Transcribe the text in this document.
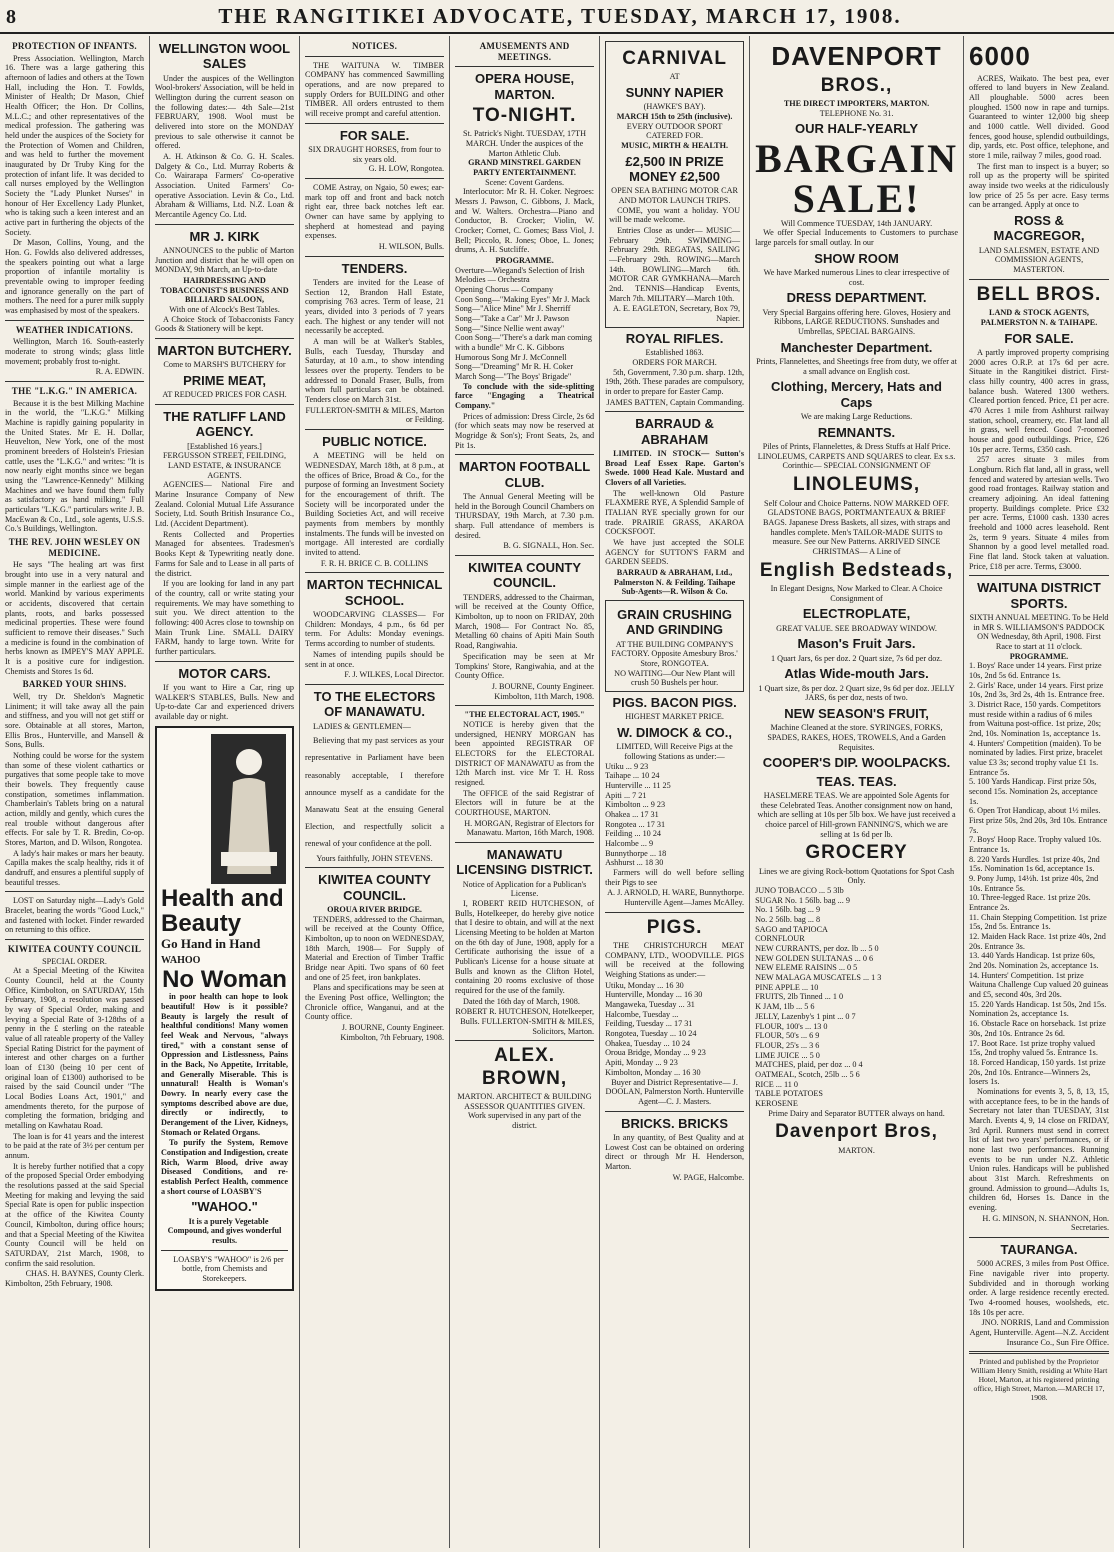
8	THE RANGITIKEI ADVOCATE, TUESDAY, MARCH 17, 1908.
PROTECTION OF INFANTS.

Press Association. Wellington, March 16. There was a large gathering this afternoon of ladies and others at the Town Hall, including the Hon. T. Fowlds, Minister of Health; Dr Mason, Chief Health Officer; the Hon. Dr Collins, M.L.C.; and other representatives of the medical profession. The gathering was held under the auspices of the Society for the Protection of Women and Children, and was held to further the movement inaugurated by Dr Truby King for the protection of infant life. It was decided to call nurses employed by the Wellington Society the "Lady Plunket Nurses" in honour of Her Excellency Lady Plunket, who is taking such a keen interest and an active part in furthering the objects of the Society.

Dr Mason, Collins, Young, and the Hon. G. Fowlds also delivered addresses, the speakers pointing out what a large proportion of infantile mortality is preventable owing to improper feeding and ignorance generally on the part of mothers. The need for a purer milk supply was emphasised by most of the speakers.

WEATHER INDICATIONS.

Wellington, March 16. South-easterly moderate to strong winds; glass little movement; probably frost to-night.

R. A. EDWIN.
THE "L.K.G." IN AMERICA.

Because it is the best Milking Machine in the world, the "L.K.G." Milking Machine is rapidly gaining popularity in the United States. Mr E. H. Dollar, Heuvelton, New York, one of the most prominent breeders of Holstein's Friesian cattle, uses the "L.K.G." and writes: "It is now nearly eight months since we began using the "Lawrence-Kennedy" Milking Machines and we have found them fully as satisfactory as hand milking." Full particulars "L.K.G." particulars write J. B. MacEwan & Co., Ltd., sole agents, U.S.S. Co.'s Buildings, Wellington.

THE REV. JOHN WESLEY ON MEDICINE.

He says "The healing art was first brought into use in a very natural and simple manner in the earliest age of the world. Mankind by various experiments or accidents, discovered that certain plants, roots, and barks possessed medicinal properties. These were found sufficient to remove their diseases." Such a medicine is found in the combination of herbs known as IMPEY'S MAY APPLE. It is a positive cure for indigestion. Chemists and Stores 1s 6d.

BARKED YOUR SHINS.

Well, try Dr. Sheldon's Magnetic Liniment; it will take away all the pain and stiffness, and you will not get stiff or sore. Obtainable at all stores, Marton, Ellis Bros., Hunterville, and Mansell & Sons, Bulls.

Nothing could be worse for the system than some of these violent cathartics or purgatives that some people take to move their bowels. They frequently cause constipation, sometimes inflammation. Chamberlain's Tablets bring on a natural action, mildly and gently, which cures the real trouble without dangerous after effects. For sale by T. R. Bredin, Co-op. Stores, Marton, and D. Wilson, Rongotea.

A lady's hair makes or mars her beauty. Capilla makes the scalp healthy, rids it of dandruff, and ensures a plentiful supply of beautiful tresses.

LOST on Saturday night—Lady's Gold Bracelet, bearing the words "Good Luck," and fastened with locket. Finder rewarded on returning to this office.

KIWITEA COUNTY COUNCIL
SPECIAL ORDER.

At a Special Meeting of the Kiwitea County Council, held at the County Office, Kimbolton, on SATURDAY, 15th February, 1908, a resolution was passed by way of Special Order, making and levying a Special Rate of 3-128ths of a penny in the £ sterling on the rateable value of all rateable property of the Valley Special Rating District for the payment of interest and other charges on a further loan of £130 (being 10 per cent of original loan of £1300) authorised to be raised by the said Council under "The Local Bodies Loans Act, 1901," and amendments thereto, for the purpose of completing the formation, bridging and metalling on Kawhatau Road.

The loan is for 41 years and the interest to be paid at the rate of 3½ per centum per annum.

It is hereby further notified that a copy of the proposed Special Order embodying the resolutions passed at the said Special Meeting for making and levying the said Special Rate is open for public inspection at the office of the Kiwitea County Council, Kimbolton, during office hours; and that a Special Meeting of the Kiwitea County Council will be held on SATURDAY, 21st March, 1908, to confirm the said resolution.

CHAS. H. BAYNES, County Clerk.
Kimbolton, 25th February, 1908.
WELLINGTON WOOL SALES

Under the auspices of the Wellington Wool-brokers' Association, will be held in Wellington during the current season on the following dates:— 4th Sale—21st FEBRUARY, 1908. Wool must be delivered into store on the MONDAY previous to sale otherwise it cannot be offered.

A. H. Atkinson & Co. G. H. Scales. Dalgety & Co., Ltd. Murray Roberts & Co. Wairarapa Farmers' Co-operative Association. United Farmers' Co-operative Association. Levin & Co., Ltd. Abraham & Williams, Ltd. N.Z. Loan & Mercantile Agency Co. Ltd.

MR J. KIRK

ANNOUNCES to the public of Marton Junction and district that he will open on MONDAY, 9th March, an Up-to-date

HAIRDRESSING AND TOBACCONIST'S BUSINESS AND BILLIARD SALOON,
With one of Alcock's Best Tables.

A Choice Stock of Tobacconists Fancy Goods & Stationery will be kept.

MARTON BUTCHERY.
Come to MARSH'S BUTCHERY for
PRIME MEAT,
AT REDUCED PRICES FOR CASH.
THE RATLIFF LAND AGENCY.
[Established 16 years.]
FERGUSSON STREET, FEILDING, LAND ESTATE, & INSURANCE AGENTS.

AGENCIES— National Fire and Marine Insurance Company of New Zealand. Colonial Mutual Life Assurance Society, Ltd. South British Insurance Co., Ltd. (Accident Department).

Rents Collected and Properties Managed for absentees. Tradesmen's Books Kept & Typewriting neatly done. Farms for Sale and to Lease in all parts of the district.

If you are looking for land in any part of the country, call or write stating your requirements. We may have something to suit you. We direct attention to the following: 400 Acres close to township on Main Trunk Line. SMALL DAIRY FARM, handy to large town. Write for further particulars.

MOTOR CARS.

If you want to Hire a Car, ring up WALKER'S STABLES, Bulls. New and Up-to-date Car and experienced drivers available day or night.

Health and Beauty
Go Hand in Hand
WAHOO
No Woman

in poor health can hope to look beautiful! How is it possible? Beauty is largely the result of healthful conditions! Many women feel Weak and Nervous, "always tired," with a constant sense of Oppression and Listlessness, Pains in the Back, No Appetite, Irritable, and Generally Miserable. This is unnatural! Health is Woman's Dowry. In nearly every case the symptoms described above are due, directly or indirectly, to Derangement of the Liver, Kidneys, Stomach or Related Organs.

To purify the System, Remove Constipation and Indigestion, create Rich, Warm Blood, drive away Diseased Conditions, and re-establish Perfect Health, commence a short course of LOASBY'S

"WAHOO."

It is a purely Vegetable Compound, and gives wonderful results.

LOASBY'S "WAHOO" is 2/6 per bottle, from Chemists and Storekeepers.

NOTICES.

THE WAITUNA W. TIMBER COMPANY has commenced Sawmilling operations, and are now prepared to supply Orders for BUILDING and other TIMBER. All orders entrusted to them will receive prompt and careful attention.

FOR SALE.
SIX DRAUGHT HORSES, from four to six years old.
G. H. LOW, Rongotea.

COME Astray, on Ngaio, 50 ewes; ear-mark top off and front and back notch right ear, three back notches left ear. Owner can have same by applying to shepherd at homestead and paying expenses.

H. WILSON, Bulls.
TENDERS.

Tenders are invited for the Lease of Section 12, Brandon Hall Estate, comprising 763 acres. Term of lease, 21 years, divided into 3 periods of 7 years each. The highest or any tender will not necessarily be accepted.

A man will be at Walker's Stables, Bulls, each Tuesday, Thursday and Saturday, at 10 a.m., to show intending lessees over the property. Tenders to be addressed to Donald Fraser, Bulls, from whom full particulars can be obtained. Tenders close on March 31st.

FULLERTON-SMITH & MILES, Marton or Feilding.
PUBLIC NOTICE.

A MEETING will be held on WEDNESDAY, March 18th, at 8 p.m., at the offices of Brice, Broad & Co., for the purpose of forming an Investment Society for the encouragement of thrift. The Society will be incorporated under the Building Societies Act, and will receive payments from members by monthly instalments. The funds will be invested on mortgage. All interested are cordially invited to attend.

F. R. H. BRICE C. B. COLLINS
MARTON TECHNICAL SCHOOL.

WOODCARVING CLASSES— For Children: Mondays, 4 p.m., 6s 6d per term. For Adults: Monday evenings. Terms according to number of students.

Names of intending pupils should be sent in at once.

F. J. WILKES, Local Director.
TO THE ELECTORS OF MANAWATU.

LADIES & GENTLEMEN—

Believing that my past services as your representative in Parliament have been reasonably acceptable, I therefore announce myself as a candidate for the Manawatu Seat at the ensuing General Election, and respectfully solicit a renewal of your confidence at the poll.

Yours faithfully, JOHN STEVENS.
KIWITEA COUNTY COUNCIL.
OROUA RIVER BRIDGE.

TENDERS, addressed to the Chairman, will be received at the County Office, Kimbolton, up to noon on WEDNESDAY, 18th March, 1908— For Supply of Material and Erection of Timber Traffic Bridge near Apiti. Two spans of 60 feet and one of 25 feet, iron bankplates.

Plans and specifications may be seen at the Evening Post office, Wellington; the Chronicle office, Wanganui, and at the County office.

J. BOURNE, County Engineer. Kimbolton, 7th February, 1908.
AMUSEMENTS AND MEETINGS.
OPERA HOUSE, MARTON.
TO-NIGHT.
St. Patrick's Night. TUESDAY, 17TH MARCH. Under the auspices of the Marton Athletic Club.
GRAND MINSTREL GARDEN PARTY ENTERTAINMENT.
Scene: Covent Gardens.

Interlocutor: Mr R. H. Coker. Negroes: Messrs J. Pawson, C. Gibbons, J. Mack, and W. Walters. Orchestra—Piano and Conductor, B. Crocker; Violin, W. Crocker; Cornet, C. Gomes; Bass Viol, J. Bell; Piccolo, R. Jones; Oboe, L. Jones; drums, A. H. Sutcliffe.

PROGRAMME.
Overture—Wiegand's Selection of Irish Melodies — Orchestra
Opening Chorus — Company
Coon Song—"Making Eyes" Mr J. Mack
Song—"Alice Mine" Mr J. Sherriff
Song—"Take a Car" Mr J. Pawson
Song—"Since Nellie went away"
Coon Song—"There's a dark man coming with a bundle" Mr C. K. Gibbons
Humorous Song Mr J. McConnell
Song—"Dreaming" Mr R. H. Coker
March Song—"The Boys' Brigade"

To conclude with the side-splitting farce "Engaging a Theatrical Company."

Prices of admission: Dress Circle, 2s 6d (for which seats may now be reserved at Mogridge & Son's); Front Seats, 2s, and Pit 1s.

MARTON FOOTBALL CLUB.

The Annual General Meeting will be held in the Borough Council Chambers on THURSDAY, 19th March, at 7.30 p.m. sharp. Full attendance of members is desired.

B. G. SIGNALL, Hon. Sec.
KIWITEA COUNTY COUNCIL.

TENDERS, addressed to the Chairman, will be received at the County Office, Kimbolton, up to noon on FRIDAY, 20th March, 1908— For Contract No. 85, Metalling 60 chains of Apiti Main South Road, Rangiwahia.

Specification may be seen at Mr Tompkins' Store, Rangiwahia, and at the County Office.

J. BOURNE, County Engineer. Kimbolton, 11th March, 1908.
"THE ELECTORAL ACT, 1905."

NOTICE is hereby given that the undersigned, HENRY MORGAN has been appointed REGISTRAR OF ELECTORS for the ELECTORAL DISTRICT OF MANAWATU as from the 12th March inst. vice Mr T. H. Ross resigned.

The OFFICE of the said Registrar of Electors will in future be at the COURTHOUSE, MARTON.

H. MORGAN, Registrar of Electors for Manawatu. Marton, 16th March, 1908.
MANAWATU LICENSING DISTRICT.
Notice of Application for a Publican's License.

I, ROBERT REID HUTCHESON, of Bulls, Hotelkeeper, do hereby give notice that I desire to obtain, and will at the next Licensing Meeting to be holden at Marton on the 6th day of June, 1908, apply for a Certificate authorising the issue of a Publican's License for a house situate at Bulls and known as the Clifton Hotel, containing 20 rooms exclusive of those required for the use of the family.

Dated the 16th day of March, 1908.

ROBERT R. HUTCHESON, Hotelkeeper, Bulls. FULLERTON-SMITH & MILES, Solicitors, Marton.
ALEX. BROWN,
MARTON. ARCHITECT & BUILDING ASSESSOR QUANTITIES GIVEN. Work supervised in any part of the district.
CARNIVAL
AT
SUNNY NAPIER
(HAWKE'S BAY).
MARCH 15th to 25th (inclusive).
EVERY OUTDOOR SPORT CATERED FOR.
MUSIC, MIRTH & HEALTH.
£2,500 IN PRIZE MONEY £2,500
OPEN SEA BATHING MOTOR CAR AND MOTOR LAUNCH TRIPS.

COME, you want a holiday. YOU will be made welcome.

Entries Close as under— MUSIC—February 29th. SWIMMING—February 29th. REGATAS, SAILING—February 29th. ROWING—March 14th. BOWLING—March 6th. MOTOR CAR GYMKHANA—March 2nd. TENNIS—Handicap Events, March 7th. MILITARY—March 10th.

A. E. EAGLETON, Secretary, Box 79, Napier.
ROYAL RIFLES.
Established 1863.
ORDERS FOR MARCH.

5th, Government, 7.30 p.m. sharp. 12th, 19th, 26th. These parades are compulsory, in order to prepare for Easter Camp.

JAMES BATTEN, Captain Commanding.
BARRAUD & ABRAHAM

LIMITED. IN STOCK— Sutton's Broad Leaf Essex Rape. Garton's Swede. 1000 Head Kale. Mustard and Clovers of all Varieties.

The well-known Old Pasture FLAXMERE RYE, A Splendid Sample of ITALIAN RYE specially grown for our trade. PRAIRIE GRASS, AKAROA COCKSFOOT.

We have just accepted the SOLE AGENCY for SUTTON'S FARM and GARDEN SEEDS.

BARRAUD & ABRAHAM, Ltd., Palmerston N. & Feilding. Taihape Sub-Agents—R. Wilson & Co.
GRAIN CRUSHING AND GRINDING
AT THE BUILDING COMPANY'S FACTORY. Opposite Amesbury Bros.' Store, RONGOTEA.
NO WAITING—Our New Plant will crush 50 Bushels per hour.
PIGS. BACON PIGS.
HIGHEST MARKET PRICE.
W. DIMOCK & CO.,
LIMITED, Will Receive Pigs at the following Stations as under:—
Utiku ... 9 23
Taihape ... 10 24
Hunterville ... 11 25
Apiti ... 7 21
Kimbolton ... 9 23
Ohakea ... 17 31
Rongotea ... 17 31
Feilding ... 10 24
Halcombe ... 9
Bunnythorpe ... 18
Ashhurst ... 18 30

Farmers will do well before selling their Pigs to see

A. J. ARNOLD, H. WARE, Bunnythorpe. Hunterville Agent—James McAlley.
PIGS.

THE CHRISTCHURCH MEAT COMPANY, LTD., WOODVILLE. PIGS will be received at the following Weighing Stations as under:—

Utiku, Monday ... 16 30
Hunterville, Monday ... 16 30
Mangaweka, Tuesday ... 31
Halcombe, Tuesday ...
Feilding, Tuesday ... 17 31
Rongotea, Tuesday ... 10 24
Ohakea, Tuesday ... 10 24
Oroua Bridge, Monday ... 9 23
Apiti, Monday ... 9 23
Kimbolton, Monday ... 16 30
Buyer and District Representative— J. DOOLAN, Palmerston North. Hunterville Agent—C. J. Masters.
BRICKS. BRICKS

In any quantity, of Best Quality and at Lowest Cost can be obtained on ordering direct or through Mr H. Henderson, Marton.

W. PAGE, Halcombe.
DAVENPORT
BROS.,
THE DIRECT IMPORTERS, MARTON.
TELEPHONE No. 31.
OUR HALF-YEARLY
BARGAIN
SALE!
Will Commence TUESDAY, 14th JANUARY.

We offer Special Inducements to Customers to purchase large parcels for small outlay. In our

SHOW ROOM
We have Marked numerous Lines to clear irrespective of cost.
DRESS DEPARTMENT.
Very Special Bargains offering here. Gloves, Hosiery and Ribbons, LARGE REDUCTIONS. Sunshades and Umbrellas, SPECIAL BARGAINS.
Manchester Department.
Prints, Flannelettes, and Sheetings free from duty, we offer at a small advance on English cost.
Clothing, Mercery, Hats and Caps
We are making Large Reductions.
REMNANTS.
Piles of Prints, Flannelettes, & Dress Stuffs at Half Price. LINOLEUMS, CARPETS AND SQUARES to clear. Ex s.s. Corinthic— SPECIAL CONSIGNMENT OF
LINOLEUMS,
Self Colour and Choice Patterns. NOW MARKED OFF. GLADSTONE BAGS, PORTMANTEAUX & BRIEF BAGS. Japanese Dress Baskets, all sizes, with straps and handles complete. Men's TAILOR-MADE SUITS to measure. See our New Patterns. ARRIVED SINCE CHRISTMAS— A Line of
English Bedsteads,
In Elegant Designs, Now Marked to Clear. A Choice Consignment of
ELECTROPLATE,
GREAT VALUE. SEE BROADWAY WINDOW.
Mason's Fruit Jars.
1 Quart Jars, 6s per doz. 2 Quart size, 7s 6d per doz.
Atlas Wide-mouth Jars.
1 Quart size, 8s per doz. 2 Quart size, 9s 6d per doz. JELLY JARS, 6s per doz, nests of two.
NEW SEASON'S FRUIT,
Machine Cleaned at the store. SYRINGES, FORKS, SPADES, RAKES, HOES, TROWELS, And a Garden Requisites.
COOPER'S DIP. WOOLPACKS.
TEAS. TEAS.
HASELMERE TEAS. We are appointed Sole Agents for these Celebrated Teas. Another consignment now on hand, which are selling at 10s per 5lb box. We have just received a choice parcel of Hill-grown FANNING'S, which we are selling at 1s 6d per lb.
GROCERY
Lines we are giving Rock-bottom Quotations for Spot Cash Only.
JUNO TOBACCO ... 5 3lb
SUGAR No. 1 56lb. bag ... 9
No. 1 56lb. bag ... 9
No. 2 56lb. bag ... 8
SAGO and TAPIOCA
CORNFLOUR
NEW CURRANTS, per doz. lb ... 5 0
NEW GOLDEN SULTANAS ... 0 6
NEW ELEME RAISINS ... 0 5
NEW MALAGA MUSCATELS ... 1 3
PINE APPLE ... 10
FRUITS, 2lb Tinned ... 1 0
K JAM, 1lb ... 5 6
JELLY, Lazenby's 1 pint ... 0 7
FLOUR, 100's ... 13 0
FLOUR, 50's ... 6 9
FLOUR, 25's ... 3 6
LIME JUICE ... 5 0
MATCHES, plaid, per doz ... 0 4
OATMEAL, Scotch, 25lb ... 5 6
RICE ... 11 0
TABLE POTATOES
KEROSENE
Prime Dairy and Separator BUTTER always on hand.
Davenport Bros,
MARTON.
6000

ACRES, Waikato. The best pea, ever offered to land buyers in New Zealand. All ploughable. 5000 acres been ploughed. 1500 now in rape and turnips. Guaranteed to winter 12,000 big sheep and 1000 cattle. Well divided. Good fences, good house, splendid outbuildings, dip, yards, etc. Post office, telephone, and store 1 mile, railway 7 miles, good road.

The first man to inspect is a buyer; so roll up as the property will be spirited away inside two weeks at the ridiculously low price of 25 5s per acre. Easy terms can be arranged. Apply at once to

ROSS & MACGREGOR,
LAND SALESMEN, ESTATE AND COMMISSION AGENTS, MASTERTON.
BELL BROS.
LAND & STOCK AGENTS, PALMERSTON N. & TAIHAPE.
FOR SALE.

A partly improved property comprising 2000 acres O.R.P. at 17s 6d per acre. Situate in the Rangitikei district. First-class hilly country, 400 acres in grass, balance bush. Watered 1300 wethers. Cleared portion fenced. Price, £1 per acre. 470 Acres 1 mile from Ashhurst railway station, school, creamery, etc. Flat land all in grass, well fenced. Good 7-roomed house and good outbuildings. Price, £26 10s per acre. Terms, £350 cash.

257 acres situate 3 miles from Longburn. Rich flat land, all in grass, well fenced and watered by artesian wells. Two good road frontages. Railway station and creamery adjoining. An ideal fattening property. Buildings complete. Price £32 per acre. Terms, £1000 cash. 1330 acres freehold and 1000 acres leasehold. Rent 2s, term 9 years. Situate 4 miles from Shannon by a good level metalled road. Fine flat land. Stock taken at valuation. Price, £18 per acre. Terms, £3000.

WAITUNA DISTRICT SPORTS.
SIXTH ANNUAL MEETING. To be Held in MR S. WILLIAMSON'S PADDOCK ON Wednesday, 8th April, 1908. First Race to start at 11 o'clock.
PROGRAMME.
1. Boys' Race under 14 years. First prize 10s, 2nd 5s 6d. Entrance 1s.
2. Girls' Race, under 14 years. First prize 10s, 2nd 3s, 3rd 2s, 4th 1s. Entrance free.
3. District Race, 150 yards. Competitors must reside within a radius of 6 miles from Waituna post-office. 1st prize, 20s; 2nd, 10s. Nomination 1s, acceptance 1s.
4. Hunters' Competition (maiden). To be nominated by ladies. First prize, bracelet value £3 3s; second trophy value £1 1s. Entrance 5s.
5. 100 Yards Handicap. First prize 50s, second 15s. Nomination 2s, acceptance 1s.
6. Open Trot Handicap, about 1½ miles. First prize 50s, 2nd 20s, 3rd 10s. Entrance 7s.
7. Boys' Hoop Race. Trophy valued 10s. Entrance 1s.
8. 220 Yards Hurdles. 1st prize 40s, 2nd 15s. Nomination 1s 6d, acceptance 1s.
9. Pony Jump, 14½h. 1st prize 40s, 2nd 10s. Entrance 5s.
10. Three-legged Race. 1st prize 20s. Entrance 2s.
11. Chain Stepping Competition. 1st prize 15s, 2nd 5s. Entrance 1s.
12. Maiden Hack Race. 1st prize 40s, 2nd 20s. Entrance 3s.
13. 440 Yards Handicap. 1st prize 60s, 2nd 20s. Nomination 2s, acceptance 1s.
14. Hunters' Competition. 1st prize Waituna Challenge Cup valued 20 guineas and £5, second 40s, 3rd 20s.
15. 220 Yards Handicap. 1st 50s, 2nd 15s. Nomination 2s, acceptance 1s.
16. Obstacle Race on horseback. 1st prize 30s, 2nd 10s. Entrance 2s 6d.
17. Boot Race. 1st prize trophy valued 15s, 2nd trophy valued 5s. Entrance 1s.
18. Forced Handicap, 150 yards. 1st prize 20s, 2nd 10s. Entrance—Winners 2s, losers 1s.

Nominations for events 3, 5, 8, 13, 15, with acceptance fees, to be in the hands of Secretary not later than TUESDAY, 31st March. Events 4, 9, 14 close on FRIDAY, 3rd April. Runners must send in correct list of last two years' performances, or if none last two performances. Running events to be run under N.Z. Athletic Union rules. Handicaps will be published about 31st March. Refreshments on ground. Admission to ground—Adults 1s, children 6d, Horses 1s. Dance in the evening.

H. G. MINSON, N. SHANNON, Hon. Secretaries.
TAURANGA.

5000 ACRES, 3 miles from Post Office. Fine navigable river into property. Subdivided and in thorough working order. A large residence recently erected. Two 4-roomed houses, woolsheds, etc. 18s 10s per acre.

JNO. NORRIS, Land and Commission Agent, Hunterville. Agent—N.Z. Accident Insurance Co., Sun Fire Office.
Printed and published by the Proprietor William Henry Smith, residing at White Hart Hotel, Marton, at his registered printing office, High Street, Marton.—MARCH 17, 1908.
